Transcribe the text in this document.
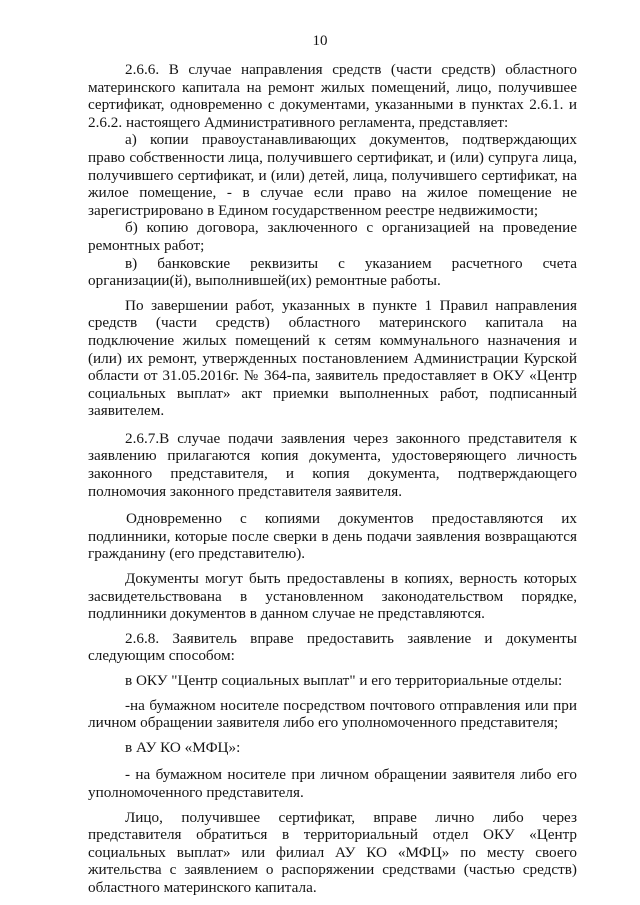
10

2.6.6. В случае направления средств (части средств) областного материнского капитала на ремонт жилых помещений, лицо, получившее сертификат, одновременно с документами, указанными в пунктах 2.6.1. и 2.6.2. настоящего Административного регламента, представляет:

а) копии правоустанавливающих документов, подтверждающих право собственности лица, получившего сертификат, и (или) супруга лица, получившего сертификат, и (или) детей, лица, получившего сертификат, на жилое помещение, - в случае если право на жилое помещение не зарегистрировано в Едином государственном реестре недвижимости;

б) копию договора, заключенного с организацией на проведение ремонтных работ;

в) банковские реквизиты с указанием расчетного счета организации(й), выполнившей(их) ремонтные работы.

По завершении работ, указанных в пункте 1 Правил направления средств (части средств) областного материнского капитала на подключение жилых помещений к сетям коммунального назначения и (или) их ремонт, утвержденных постановлением Администрации Курской области от 31.05.2016г. № 364-па, заявитель предоставляет в ОКУ «Центр социальных выплат» акт приемки выполненных работ, подписанный заявителем.

2.6.7.В случае подачи заявления через законного представителя к заявлению прилагаются копия документа, удостоверяющего личность законного представителя, и копия документа, подтверждающего полномочия законного представителя заявителя.

Одновременно с копиями документов предоставляются их подлинники, которые после сверки в день подачи заявления возвращаются гражданину (его представителю).

Документы могут быть предоставлены в копиях, верность которых засвидетельствована в установленном законодательством порядке, подлинники документов в данном случае не представляются.

2.6.8. Заявитель вправе предоставить заявление и документы следующим способом:

в ОКУ "Центр социальных выплат" и его территориальные отделы:

-на бумажном носителе посредством почтового отправления или при личном обращении заявителя либо его уполномоченного представителя;

в АУ КО «МФЦ»:

- на бумажном носителе при личном обращении заявителя либо его уполномоченного представителя.

Лицо, получившее сертификат, вправе лично либо через представителя обратиться в территориальный отдел ОКУ «Центр социальных выплат» или филиал АУ КО «МФЦ» по месту своего жительства с заявлением о распоряжении средствами (частью средств) областного материнского капитала.
